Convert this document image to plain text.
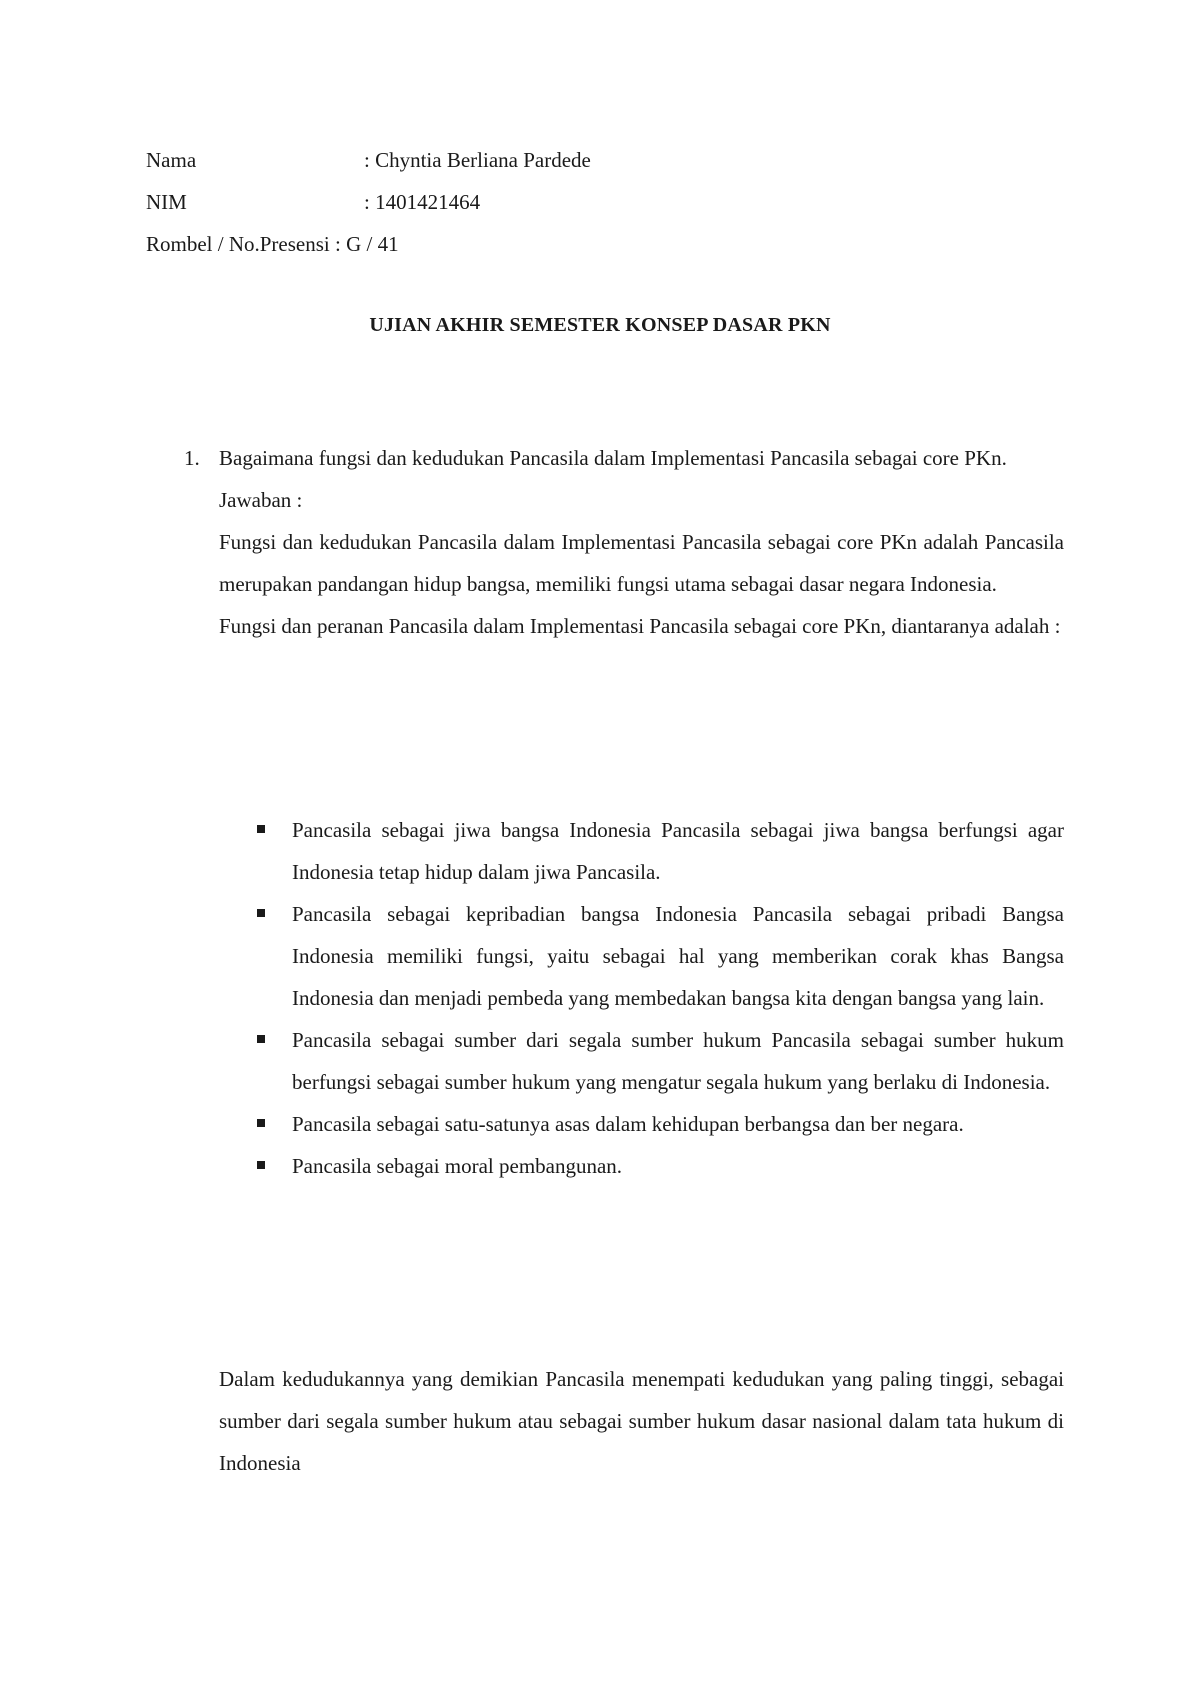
Nama	: Chyntia Berliana Pardede
NIM	: 1401421464
Rombel / No.Presensi : G / 41
UJIAN AKHIR SEMESTER KONSEP DASAR PKN
1. Bagaimana fungsi dan kedudukan Pancasila dalam Implementasi Pancasila sebagai core PKn.

Jawaban :

Fungsi dan kedudukan Pancasila dalam Implementasi Pancasila sebagai core PKn adalah Pancasila merupakan pandangan hidup bangsa, memiliki fungsi utama sebagai dasar negara Indonesia.

Fungsi dan peranan Pancasila dalam Implementasi Pancasila sebagai core PKn, diantaranya adalah :

Pancasila sebagai jiwa bangsa Indonesia Pancasila sebagai jiwa bangsa berfungsi agar Indonesia tetap hidup dalam jiwa Pancasila.
Pancasila sebagai kepribadian bangsa Indonesia Pancasila sebagai pribadi Bangsa Indonesia memiliki fungsi, yaitu sebagai hal yang memberikan corak khas Bangsa Indonesia dan menjadi pembeda yang membedakan bangsa kita dengan bangsa yang lain.
Pancasila sebagai sumber dari segala sumber hukum Pancasila sebagai sumber hukum berfungsi sebagai sumber hukum yang mengatur segala hukum yang berlaku di Indonesia.
Pancasila sebagai satu-satunya asas dalam kehidupan berbangsa dan ber negara.
Pancasila sebagai moral pembangunan.

Dalam kedudukannya yang demikian Pancasila menempati kedudukan yang paling tinggi, sebagai sumber dari segala sumber hukum atau sebagai sumber hukum dasar nasional dalam tata hukum di Indonesia
